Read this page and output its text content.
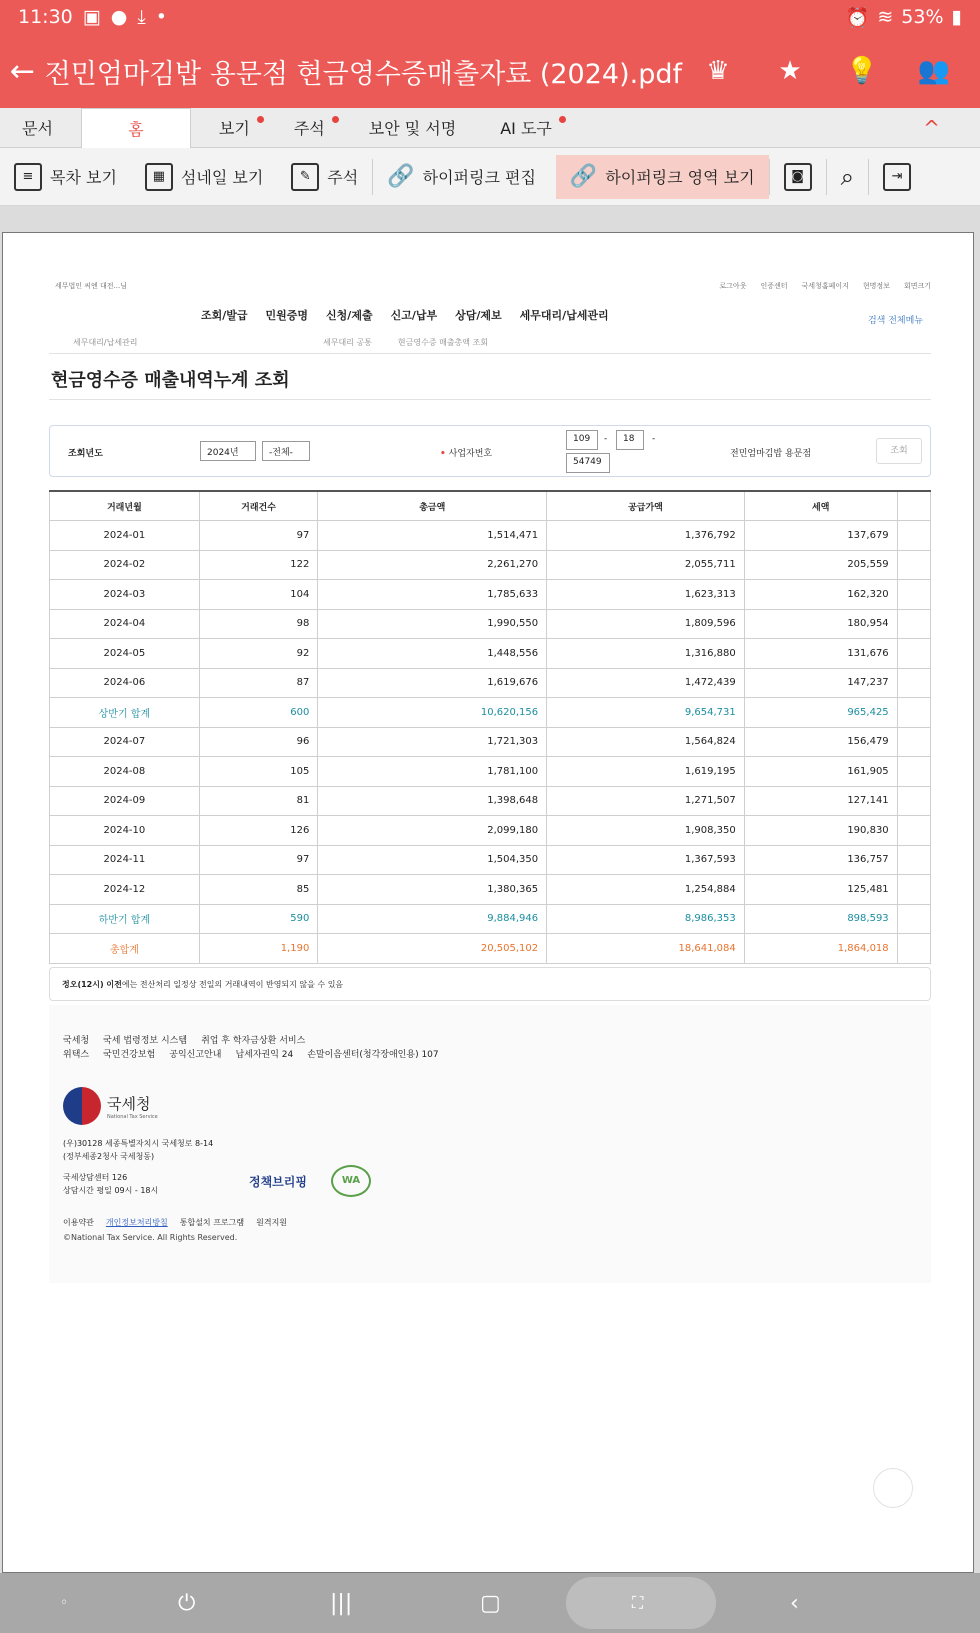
11:30 ▣ ● ⤓ •	⏰ ≋ 53% ▮
← 전민엄마김밥 용문점 현금영수증매출자료 (2024).pdf ♛	★	💡	👥
문서	홈	보기	주석	보안 및 서명	AI 도구	^
≡	목차 보기	▦ 섬네일 보기	✎	주석 🔗 하이퍼링크 편집 🔗 하이퍼링크 영역 보기	◙	⌕	⇥
세무법인 씨엔 대전...님	로그아웃 인증센터 국세청홈페이지 현명정보 회면크기
조회/발급 민원증명 신청/제출 신고/납부 상담/제보 세무대리/납세관리	검색 전체메뉴
세무대리/납세관리	세무대리 공통	현금영수증 매출총액 조회
현금영수증 매출내역누계 조회
조회년도	2024년	-전체-	• 사업자번호
109	-	18	-
54749
전민엄마김밥 용문점	조회
거래년월	거래건수	총금액	공급가액	세액	
2024-01	97	1,514,471	1,376,792	137,679	
2024-02	122	2,261,270	2,055,711	205,559	
2024-03	104	1,785,633	1,623,313	162,320	
2024-04	98	1,990,550	1,809,596	180,954	
2024-05	92	1,448,556	1,316,880	131,676	
2024-06	87	1,619,676	1,472,439	147,237	
상반기 합계	600	10,620,156	9,654,731	965,425	
2024-07	96	1,721,303	1,564,824	156,479	
2024-08	105	1,781,100	1,619,195	161,905	
2024-09	81	1,398,648	1,271,507	127,141	
2024-10	126	2,099,180	1,908,350	190,830	
2024-11	97	1,504,350	1,367,593	136,757	
2024-12	85	1,380,365	1,254,884	125,481	
하반기 합계	590	9,884,946	8,986,353	898,593	
총합계	1,190	20,505,102	18,641,084	1,864,018	
정오(12시) 이전에는 전산처리 일정상 전일의 거래내역이 반영되지 않을 수 있음
국세청 국세 법령정보 시스템 취업 후 학자금상환 서비스
위택스 국민건강보험 공익신고안내 납세자권익 24 손말이음센터(청각장애인용) 107
국세청
National Tax Service
(우)30128 세종특별자치시 국세청로 8-14
(정부세종2청사 국세청동)
국세상담센터 126
상담시간 평일 09시 - 18시
정책브리핑	WA
이용약관 개인정보처리방침 통합설치 프로그램 원격지원
©National Tax Service. All Rights Reserved.
◦	⏻	|||	▢	⛶	‹
